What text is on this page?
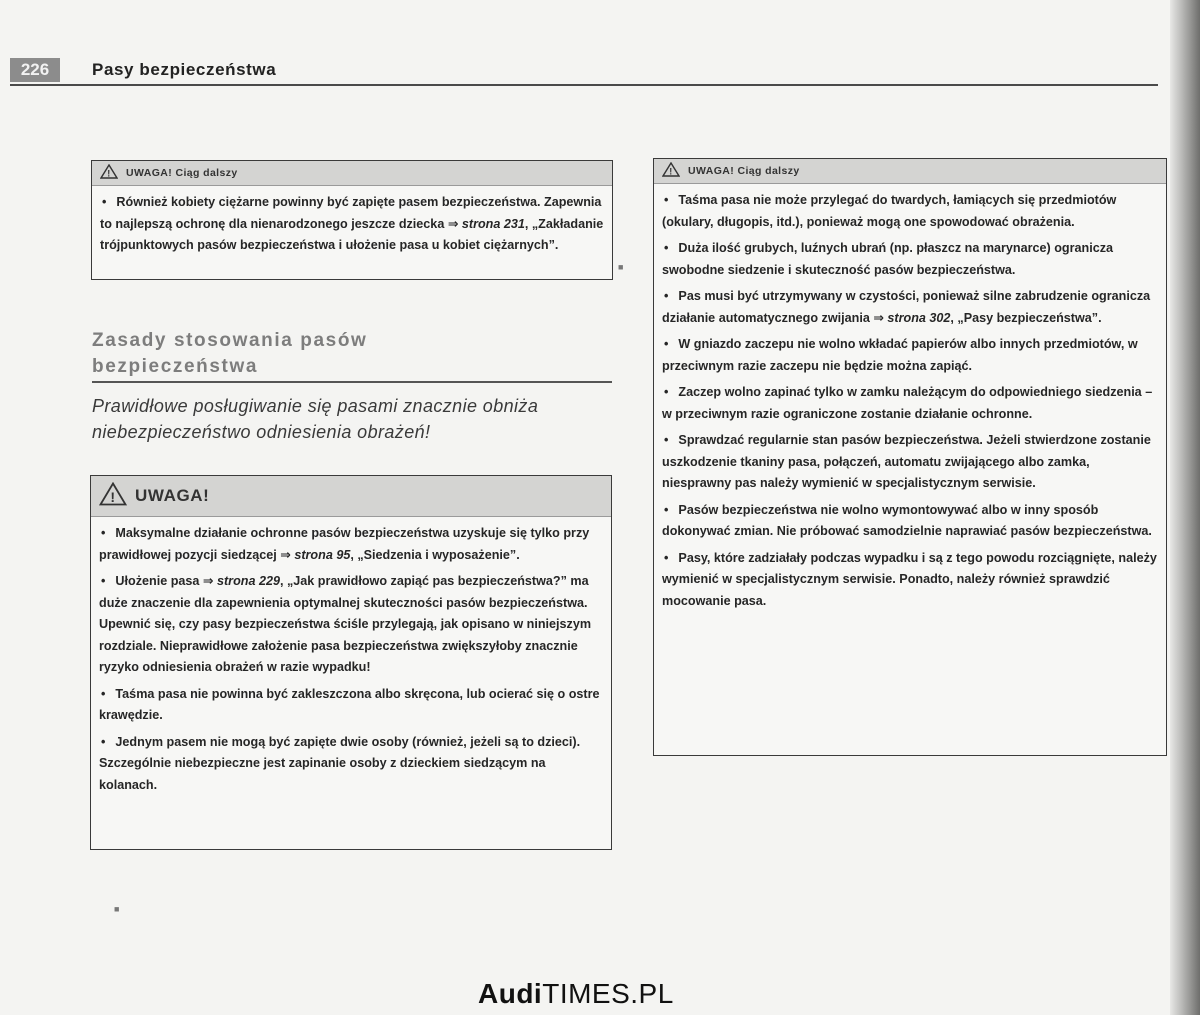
226	Pasy bezpieczeństwa
! UWAGA! Ciąg dalszy
• Również kobiety ciężarne powinny być zapięte pasem bezpieczeństwa. Zapewnia to najlepszą ochronę dla nienarodzonego jeszcze dziecka ⇒ strona 231, „Zakładanie trójpunktowych pasów bezpieczeństwa i ułożenie pasa u kobiet ciężarnych”.
■
Zasady stosowania pasów
bezpieczeństwa
Prawidłowe posługiwanie się pasami znacznie obniża niebezpieczeństwo odniesienia obrażeń!
! UWAGA!
• Maksymalne działanie ochronne pasów bezpieczeństwa uzyskuje się tylko przy prawidłowej pozycji siedzącej ⇒ strona 95, „Siedzenia i wyposażenie”.
• Ułożenie pasa ⇒ strona 229, „Jak prawidłowo zapiąć pas bezpieczeństwa?” ma duże znaczenie dla zapewnienia optymalnej skuteczności pasów bezpieczeństwa. Upewnić się, czy pasy bezpieczeństwa ściśle przylegają, jak opisano w niniejszym rozdziale. Nieprawidłowe założenie pasa bezpieczeństwa zwiększyłoby znacznie ryzyko odniesienia obrażeń w razie wypadku!
• Taśma pasa nie powinna być zakleszczona albo skręcona, lub ocierać się o ostre krawędzie.
• Jednym pasem nie mogą być zapięte dwie osoby (również, jeżeli są to dzieci). Szczególnie niebezpieczne jest zapinanie osoby z dzieckiem siedzącym na kolanach.
! UWAGA! Ciąg dalszy
• Taśma pasa nie może przylegać do twardych, łamiących się przedmiotów (okulary, długopis, itd.), ponieważ mogą one spowodować obrażenia.
• Duża ilość grubych, luźnych ubrań (np. płaszcz na marynarce) ogranicza swobodne siedzenie i skuteczność pasów bezpieczeństwa.
• Pas musi być utrzymywany w czystości, ponieważ silne zabrudzenie ogranicza działanie automatycznego zwijania ⇒ strona 302, „Pasy bezpieczeństwa”.
• W gniazdo zaczepu nie wolno wkładać papierów albo innych przedmiotów, w przeciwnym razie zaczepu nie będzie można zapiąć.
• Zaczep wolno zapinać tylko w zamku należącym do odpowiedniego siedzenia – w przeciwnym razie ograniczone zostanie działanie ochronne.
• Sprawdzać regularnie stan pasów bezpieczeństwa. Jeżeli stwierdzone zostanie uszkodzenie tkaniny pasa, połączeń, automatu zwijającego albo zamka, niesprawny pas należy wymienić w specjalistycznym serwisie.
• Pasów bezpieczeństwa nie wolno wymontowywać albo w inny sposób dokonywać zmian. Nie próbować samodzielnie naprawiać pasów bezpieczeństwa.
• Pasy, które zadziałały podczas wypadku i są z tego powodu rozciągnięte, należy wymienić w specjalistycznym serwisie. Ponadto, należy również sprawdzić mocowanie pasa.
■
AudiTIMES.PL
